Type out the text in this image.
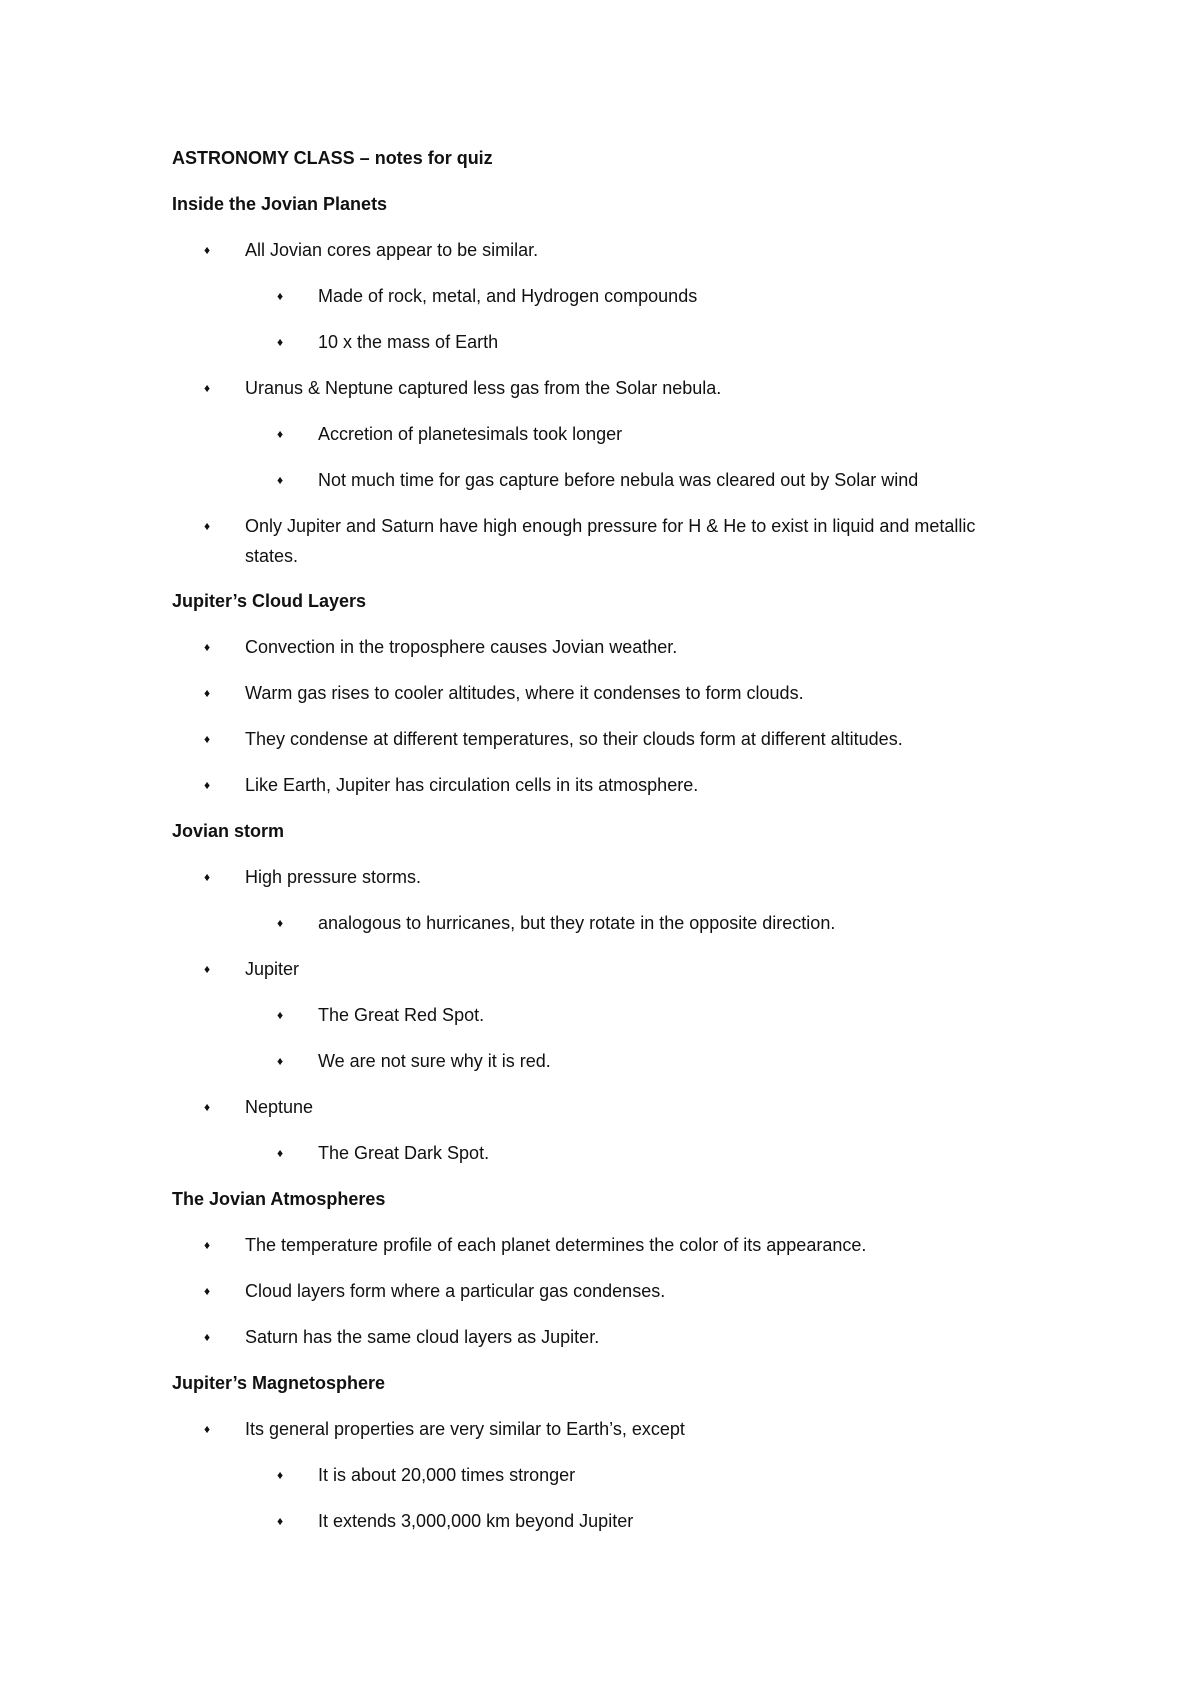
ASTRONOMY CLASS – notes for quiz
Inside the Jovian Planets
♦	All Jovian cores appear to be similar.
♦	Made of rock, metal, and Hydrogen compounds
♦	10 x the mass of Earth
♦	Uranus & Neptune captured less gas from the Solar nebula.
♦	Accretion of planetesimals took longer
♦	Not much time for gas capture before nebula was cleared out by Solar wind
♦	Only Jupiter and Saturn have high enough pressure for H & He to exist in liquid and metallic states.
Jupiter’s Cloud Layers
♦	Convection in the troposphere causes Jovian weather.
♦	Warm gas rises to cooler altitudes, where it condenses to form clouds.
♦	They condense at different temperatures, so their clouds form at different altitudes.
♦	Like Earth, Jupiter has circulation cells in its atmosphere.
Jovian storm
♦	High pressure storms.
♦	analogous to hurricanes, but they rotate in the opposite direction.
♦	Jupiter
♦	The Great Red Spot.
♦	We are not sure why it is red.
♦	Neptune
♦	The Great Dark Spot.
The Jovian Atmospheres
♦	The temperature profile of each planet determines the color of its appearance.
♦	Cloud layers form where a particular gas condenses.
♦	Saturn has the same cloud layers as Jupiter.
Jupiter’s Magnetosphere
♦	Its general properties are very similar to Earth’s, except
♦	It is about 20,000 times stronger
♦	It extends 3,000,000 km beyond Jupiter
